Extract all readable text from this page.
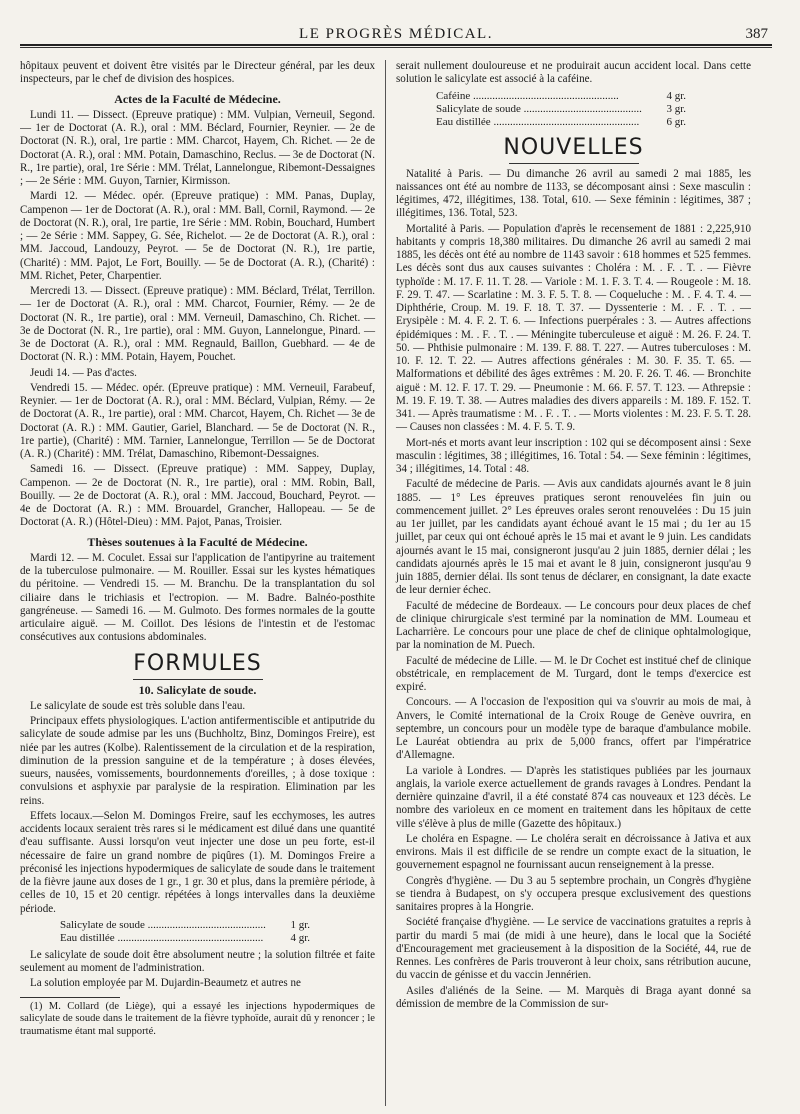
LE PROGRÈS MÉDICAL.	387

hôpitaux peuvent et doivent être visités par le Directeur général, par les deux inspecteurs, par le chef de division des hospices.

Actes de la Faculté de Médecine.

Lundi 11. — Dissect. (Epreuve pratique) : MM. Vulpian, Verneuil, Segond. — 1er de Doctorat (A. R.), oral : MM. Béclard, Fournier, Reynier. — 2e de Doctorat (N. R.), oral, 1re partie : MM. Charcot, Hayem, Ch. Richet. — 2e de Doctorat (A. R.), oral : MM. Potain, Damaschino, Reclus. — 3e de Doctorat (N. R., 1re partie), oral, 1re Série : MM. Trélat, Lannelongue, Ribemont-Dessaignes ; — 2e Série : MM. Guyon, Tarnier, Kirmisson.

Mardi 12. — Médec. opér. (Epreuve pratique) : MM. Panas, Duplay, Campenon — 1er de Doctorat (A. R.), oral : MM. Ball, Cornil, Raymond. — 2e de Doctorat (N. R.), oral, 1re partie, 1re Série : MM. Robin, Bouchard, Humbert ; — 2e Série : MM. Sappey, G. Sée, Richelot. — 2e de Doctorat (A. R.), oral : MM. Jaccoud, Landouzy, Peyrot. — 5e de Doctorat (N. R.), 1re partie, (Charité) : MM. Pajot, Le Fort, Bouilly. — 5e de Doctorat (A. R.), (Charité) : MM. Richet, Peter, Charpentier.

Mercredi 13. — Dissect. (Epreuve pratique) : MM. Béclard, Trélat, Terrillon. — 1er de Doctorat (A. R.), oral : MM. Charcot, Fournier, Rémy. — 2e de Doctorat (N. R., 1re partie), oral : MM. Verneuil, Damaschino, Ch. Richet. — 3e de Doctorat (N. R., 1re partie), oral : MM. Guyon, Lannelongue, Pinard. — 3e de Doctorat (A. R.), oral : MM. Regnauld, Baillon, Guebhard. — 4e de Doctorat (N. R.) : MM. Potain, Hayem, Pouchet.

Jeudi 14. — Pas d'actes.

Vendredi 15. — Médec. opér. (Epreuve pratique) : MM. Verneuil, Farabeuf, Reynier. — 1er de Doctorat (A. R.), oral : MM. Béclard, Vulpian, Rémy. — 2e de Doctorat (A. R., 1re partie), oral : MM. Charcot, Hayem, Ch. Richet — 3e de Doctorat (A. R.) : MM. Gautier, Gariel, Blanchard. — 5e de Doctorat (N. R., 1re partie), (Charité) : MM. Tarnier, Lannelongue, Terrillon — 5e de Doctorat (A. R.) (Charité) : MM. Trélat, Damaschino, Ribemont-Dessaignes.

Samedi 16. — Dissect. (Epreuve pratique) : MM. Sappey, Duplay, Campenon. — 2e de Doctorat (N. R., 1re partie), oral : MM. Robin, Ball, Bouilly. — 2e de Doctorat (A. R.), oral : MM. Jaccoud, Bouchard, Peyrot. — 4e de Doctorat (A. R.) : MM. Brouardel, Grancher, Hallopeau. — 5e de Doctorat (A. R.) (Hôtel-Dieu) : MM. Pajot, Panas, Troisier.

Thèses soutenues à la Faculté de Médecine.

Mardi 12. — M. Coculet. Essai sur l'application de l'antipyrine au traitement de la tuberculose pulmonaire. — M. Rouiller. Essai sur les kystes hématiques du péritoine. — Vendredi 15. — M. Branchu. De la transplantation du sol ciliaire dans le trichiasis et l'ectropion. — M. Badre. Balnéo-posthite gangréneuse. — Samedi 16. — M. Gulmoto. Des formes normales de la goutte articulaire aiguë. — M. Coillot. Des lésions de l'intestin et de l'estomac consécutives aux contusions abdominales.

FORMULES
10. Salicylate de soude.

Le salicylate de soude est très soluble dans l'eau.

Principaux effets physiologiques. L'action antifermentiscible et antiputride du salicylate de soude admise par les uns (Buchholtz, Binz, Domingos Freire), est niée par les autres (Kolbe). Ralentissement de la circulation et de la respiration, diminution de la pression sanguine et de la température ; à doses élevées, sueurs, nausées, vomissements, bourdonnements d'oreilles, ; à dose toxique : convulsions et asphyxie par paralysie de la respiration. Elimination par les reins.

Effets locaux.—Selon M. Domingos Freire, sauf les ecchymoses, les autres accidents locaux seraient très rares si le médicament est dilué dans une quantité d'eau suffisante. Aussi lorsqu'on veut injecter une dose un peu forte, est-il nécessaire de faire un grand nombre de piqûres (1). M. Domingos Freire a préconisé les injections hypodermiques de salicylate de soude dans le traitement de la fièvre jaune aux doses de 1 gr., 1 gr. 30 et plus, dans la première période, à celles de 10, 15 et 20 centigr. répétées à longs intervalles dans la deuxième période.

Salicylate de soude .....	1 gr.
Eau distillée .....	4 gr.

Le salicylate de soude doit être absolument neutre ; la solution filtrée et faite seulement au moment de l'administration.

La solution employée par M. Dujardin-Beaumetz et autres ne

(1) M. Collard (de Liège), qui a essayé les injections hypodermiques de salicylate de soude dans le traitement de la fièvre typhoïde, aurait dû y renoncer ; le traumatisme étant mal supporté.

serait nullement douloureuse et ne produirait aucun accident local. Dans cette solution le salicylate est associé à la caféine.

Caféine .....	4 gr.
Salicylate de soude .....	3 gr.
Eau distillée .....	6 gr.
NOUVELLES

Natalité à Paris. — Du dimanche 26 avril au samedi 2 mai 1885, les naissances ont été au nombre de 1133, se décomposant ainsi : Sexe masculin : légitimes, 472, illégitimes, 138. Total, 610. — Sexe féminin : légitimes, 387 ; illégitimes, 136. Total, 523.

Mortalité à Paris. — Population d'après le recensement de 1881 : 2,225,910 habitants y compris 18,380 militaires. Du dimanche 26 avril au samedi 2 mai 1885, les décès ont été au nombre de 1143 savoir : 618 hommes et 525 femmes. Les décès sont dus aux causes suivantes : Choléra : M. . F. . T. . — Fièvre typhoïde : M. 17. F. 11. T. 28. — Variole : M. 1. F. 3. T. 4. — Rougeole : M. 18. F. 29. T. 47. — Scarlatine : M. 3. F. 5. T. 8. — Coqueluche : M. . F. 4. T. 4. — Diphthérie, Croup. M. 19. F. 18. T. 37. — Dyssenterie : M. . F. . T. . — Erysipèle : M. 4. F. 2. T. 6. — Infections puerpérales : 3. — Autres affections épidémiques : M. . F. . T. . — Méningite tuberculeuse et aiguë : M. 26. F. 24. T. 50. — Phthisie pulmonaire : M. 139. F. 88. T. 227. — Autres tuberculoses : M. 10. F. 12. T. 22. — Autres affections générales : M. 30. F. 35. T. 65. — Malformations et débilité des âges extrêmes : M. 20. F. 26. T. 46. — Bronchite aiguë : M. 12. F. 17. T. 29. — Pneumonie : M. 66. F. 57. T. 123. — Athrepsie : M. 19. F. 19. T. 38. — Autres maladies des divers appareils : M. 189. F. 152. T. 341. — Après traumatisme : M. . F. . T. . — Morts violentes : M. 23. F. 5. T. 28. — Causes non classées : M. 4. F. 5. T. 9.

Mort-nés et morts avant leur inscription : 102 qui se décomposent ainsi : Sexe masculin : légitimes, 38 ; illégitimes, 16. Total : 54. — Sexe féminin : légitimes, 34 ; illégitimes, 14. Total : 48.

Faculté de médecine de Paris. — Avis aux candidats ajournés avant le 8 juin 1885. — 1° Les épreuves pratiques seront renouvelées fin juin ou commencement juillet. 2° Les épreuves orales seront renouvelées : Du 15 juin au 1er juillet, par les candidats ayant échoué avant le 15 mai ; du 1er au 15 juillet, par ceux qui ont échoué après le 15 mai et avant le 9 juin. Les candidats ajournés avant le 15 mai, consigneront jusqu'au 2 juin 1885, dernier délai ; les candidats ajournés après le 15 mai et avant le 8 juin, consigneront jusqu'au 9 juin 1885, dernier délai. Ils sont tenus de déclarer, en consignant, la date exacte de leur dernier échec.

Faculté de médecine de Bordeaux. — Le concours pour deux places de chef de clinique chirurgicale s'est terminé par la nomination de MM. Loumeau et Lacharrière. Le concours pour une place de chef de clinique ophtalmologique, par la nomination de M. Puech.

Faculté de médecine de Lille. — M. le Dr Cochet est institué chef de clinique obstétricale, en remplacement de M. Turgard, dont le temps d'exercice est expiré.

Concours. — A l'occasion de l'exposition qui va s'ouvrir au mois de mai, à Anvers, le Comité international de la Croix Rouge de Genève ouvrira, en septembre, un concours pour un modèle type de baraque d'ambulance mobile. Le Lauréat obtiendra au prix de 5,000 francs, offert par l'impératrice d'Allemagne.

La variole à Londres. — D'après les statistiques publiées par les journaux anglais, la variole exerce actuellement de grands ravages à Londres. Pendant la dernière quinzaine d'avril, il a été constaté 874 cas nouveaux et 123 décès. Le nombre des varioleux en ce moment en traitement dans les hôpitaux de cette ville s'élève à plus de mille (Gazette des hôpitaux.)

Le choléra en Espagne. — Le choléra serait en décroissance à Jativa et aux environs. Mais il est difficile de se rendre un compte exact de la situation, le gouvernement espagnol ne fournissant aucun renseignement à la presse.

Congrès d'hygiène. — Du 3 au 5 septembre prochain, un Congrès d'hygiène se tiendra à Budapest, on s'y occupera presque exclusivement des questions sanitaires propres à la Hongrie.

Société française d'hygiène. — Le service de vaccinations gratuites a repris à partir du mardi 5 mai (de midi à une heure), dans le local que la Société d'Encouragement met gracieusement à la disposition de la Société, 44, rue de Rennes. Les confrères de Paris trouveront à leur choix, sans rétribution aucune, du vaccin de génisse et du vaccin Jennérien.

Asiles d'aliénés de la Seine. — M. Marquès di Braga ayant donné sa démission de membre de la Commission de sur-
